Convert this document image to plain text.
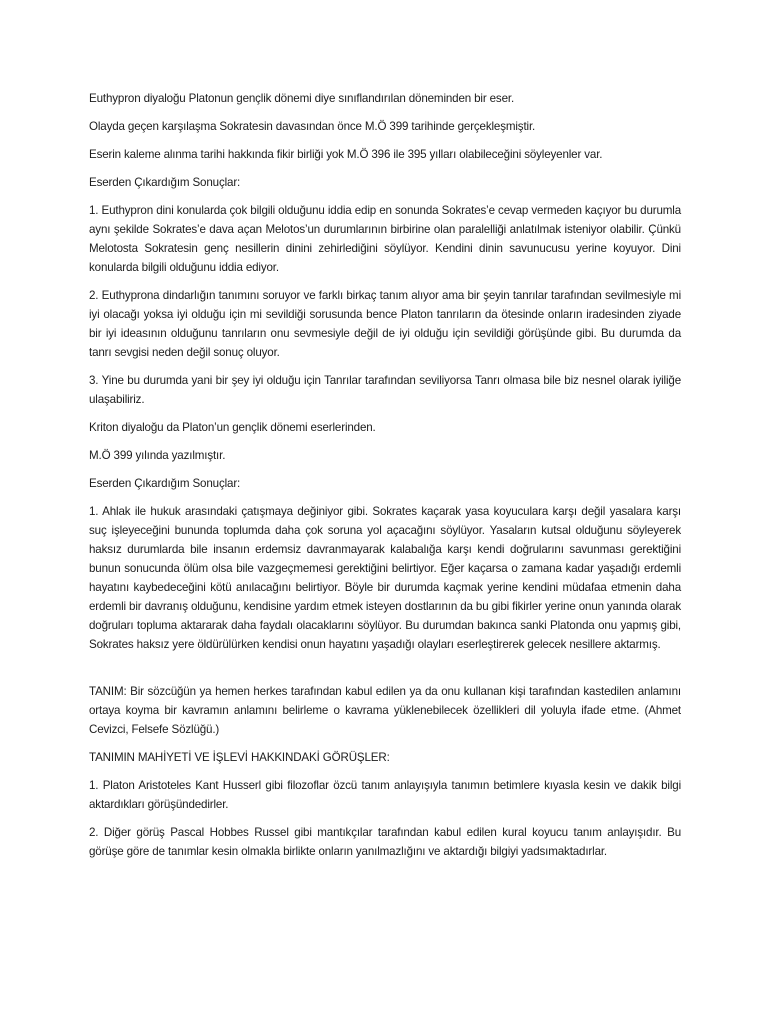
Euthypron diyaloğu Platonun gençlik dönemi diye sınıflandırılan döneminden bir eser.

Olayda geçen karşılaşma Sokratesin davasından önce M.Ö 399 tarihinde gerçekleşmiştir.

Eserin kaleme alınma tarihi hakkında fikir birliği yok M.Ö 396 ile 395 yılları olabileceğini söyleyenler var.

Eserden Çıkardığım Sonuçlar:

1. Euthypron dini konularda çok bilgili olduğunu iddia edip en sonunda Sokrates’e cevap vermeden kaçıyor bu durumla aynı şekilde Sokrates’e dava açan Melotos’un durumlarının birbirine olan paralelliği anlatılmak isteniyor olabilir. Çünkü Melotosta Sokratesin genç nesillerin dinini zehirlediğini söylüyor. Kendini dinin savunucusu yerine koyuyor. Dini konularda bilgili olduğunu iddia ediyor.

2. Euthyprona dindarlığın tanımını soruyor ve farklı birkaç tanım alıyor ama bir şeyin tanrılar tarafından sevilmesiyle mi iyi olacağı yoksa iyi olduğu için mi sevildiği sorusunda bence Platon tanrıların da ötesinde onların iradesinden ziyade bir iyi ideasının olduğunu tanrıların onu sevmesiyle değil de iyi olduğu için sevildiği görüşünde gibi. Bu durumda da tanrı sevgisi neden değil sonuç oluyor.

3. Yine bu durumda yani bir şey iyi olduğu için Tanrılar tarafından seviliyorsa Tanrı olmasa bile biz nesnel olarak iyiliğe ulaşabiliriz.

Kriton diyaloğu da Platon’un gençlik dönemi eserlerinden.

M.Ö 399 yılında yazılmıştır.

Eserden Çıkardığım Sonuçlar:

1. Ahlak ile hukuk arasındaki çatışmaya değiniyor gibi. Sokrates kaçarak yasa koyuculara karşı değil yasalara karşı suç işleyeceğini bununda toplumda daha çok soruna yol açacağını söylüyor. Yasaların kutsal olduğunu söyleyerek haksız durumlarda bile insanın erdemsiz davranmayarak kalabalığa karşı kendi doğrularını savunması gerektiğini bunun sonucunda ölüm olsa bile vazgeçmemesi gerektiğini belirtiyor. Eğer kaçarsa o zamana kadar yaşadığı erdemli hayatını kaybedeceğini kötü anılacağını belirtiyor. Böyle bir durumda kaçmak yerine kendini müdafaa etmenin daha erdemli bir davranış olduğunu, kendisine yardım etmek isteyen dostlarının da bu gibi fikirler yerine onun yanında olarak doğruları topluma aktararak daha faydalı olacaklarını söylüyor. Bu durumdan bakınca sanki Platonda onu yapmış gibi, Sokrates haksız yere öldürülürken kendisi onun hayatını yaşadığı olayları eserleştirerek gelecek nesillere aktarmış.

TANIM: Bir sözcüğün ya hemen herkes tarafından kabul edilen ya da onu kullanan kişi tarafından kastedilen anlamını ortaya koyma bir kavramın anlamını belirleme o kavrama yüklenebilecek özellikleri dil yoluyla ifade etme. (Ahmet Cevizci, Felsefe Sözlüğü.)

TANIMIN MAHİYETİ VE İŞLEVİ HAKKINDAKİ GÖRÜŞLER:

1. Platon Aristoteles Kant Husserl gibi filozoflar özcü tanım anlayışıyla tanımın betimlere kıyasla kesin ve dakik bilgi aktardıkları görüşündedirler.

2. Diğer görüş Pascal Hobbes Russel gibi mantıkçılar tarafından kabul edilen kural koyucu tanım anlayışıdır. Bu görüşe göre de tanımlar kesin olmakla birlikte onların yanılmazlığını ve aktardığı bilgiyi yadsımaktadırlar.
